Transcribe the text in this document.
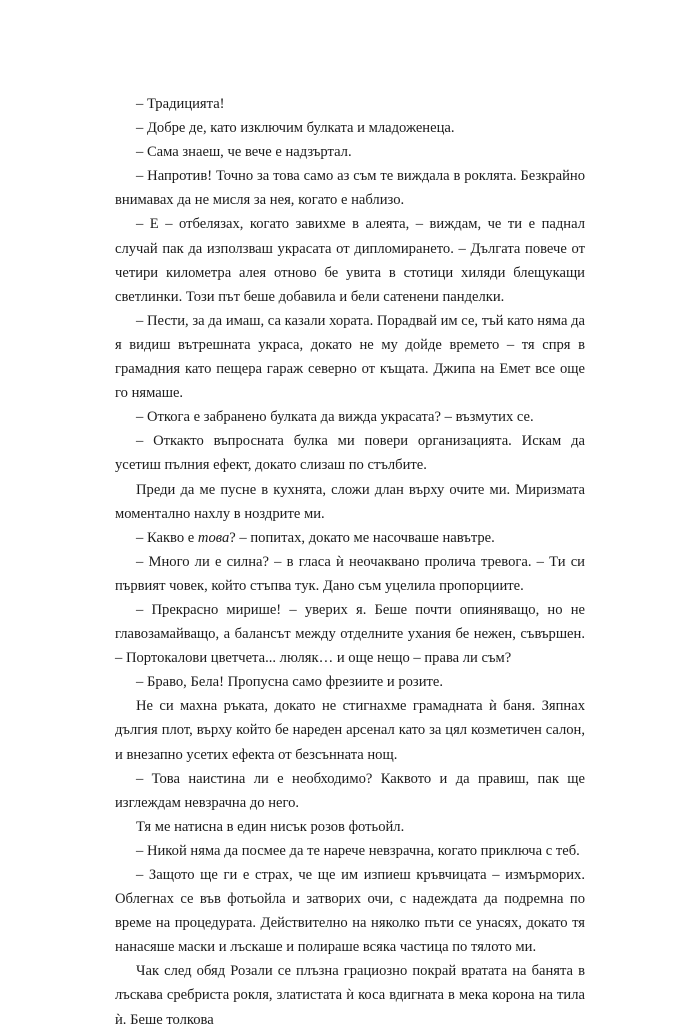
– Традицията!

– Добре де, като изключим булката и младоженеца.

– Сама знаеш, че вече е надзъртал.

– Напротив! Точно за това само аз съм те виждала в роклята. Безкрайно внимавах да не мисля за нея, когато е наблизо.

– Е – отбелязах, когато завихме в алеята, – виждам, че ти е паднал случай пак да използваш украсата от дипломирането. – Дългата повече от четири километра алея отново бе увита в стотици хиляди блещукащи светлинки. Този път беше добавила и бели сатенени панделки.

– Пести, за да имаш, са казали хората. Порадвай им се, тъй като няма да я видиш вътрешната украса, докато не му дойде времето – тя спря в грамадния като пещера гараж северно от къщата. Джипа на Емет все още го нямаше.

– Откога е забранено булката да вижда украсата? – възмутих се.

– Откакто въпросната булка ми повери организацията. Искам да усетиш пълния ефект, докато слизаш по стълбите.

Преди да ме пусне в кухнята, сложи длан върху очите ми. Миризмата моментално нахлу в ноздрите ми.

– Какво е това? – попитах, докато ме насочваше навътре.

– Много ли е силна? – в гласа ѝ неочаквано пролича тревога. – Ти си първият човек, който стъпва тук. Дано съм уцелила пропорциите.

– Прекрасно мирише! – уверих я. Беше почти опияняващо, но не главозамайващо, а балансът между отделните ухания бе нежен, съвършен. – Портокалови цветчета... люляк… и още нещо – права ли съм?

– Браво, Бела! Пропусна само фрезиите и розите.

Не си махна ръката, докато не стигнахме грамадната ѝ баня. Зяпнах дългия плот, върху който бе нареден арсенал като за цял козметичен салон, и внезапно усетих ефекта от безсънната нощ.

– Това наистина ли е необходимо? Каквото и да правиш, пак ще изглеждам невзрачна до него.

Тя ме натисна в един нисък розов фотьойл.

– Никой няма да посмее да те нарече невзрачна, когато приключа с теб.

– Защото ще ги е страх, че ще им изпиеш кръвчицата – измърморих. Облегнах се във фотьойла и затворих очи, с надеждата да подремна по време на процедурата. Действително на няколко пъти се унасях, докато тя нанасяше маски и лъскаше и полираше всяка частица по тялото ми.

Чак след обяд Розали се плъзна грациозно покрай вратата на банята в лъскава сребриста рокля, златистата ѝ коса вдигната в мека корона на тила ѝ. Беше толкова
